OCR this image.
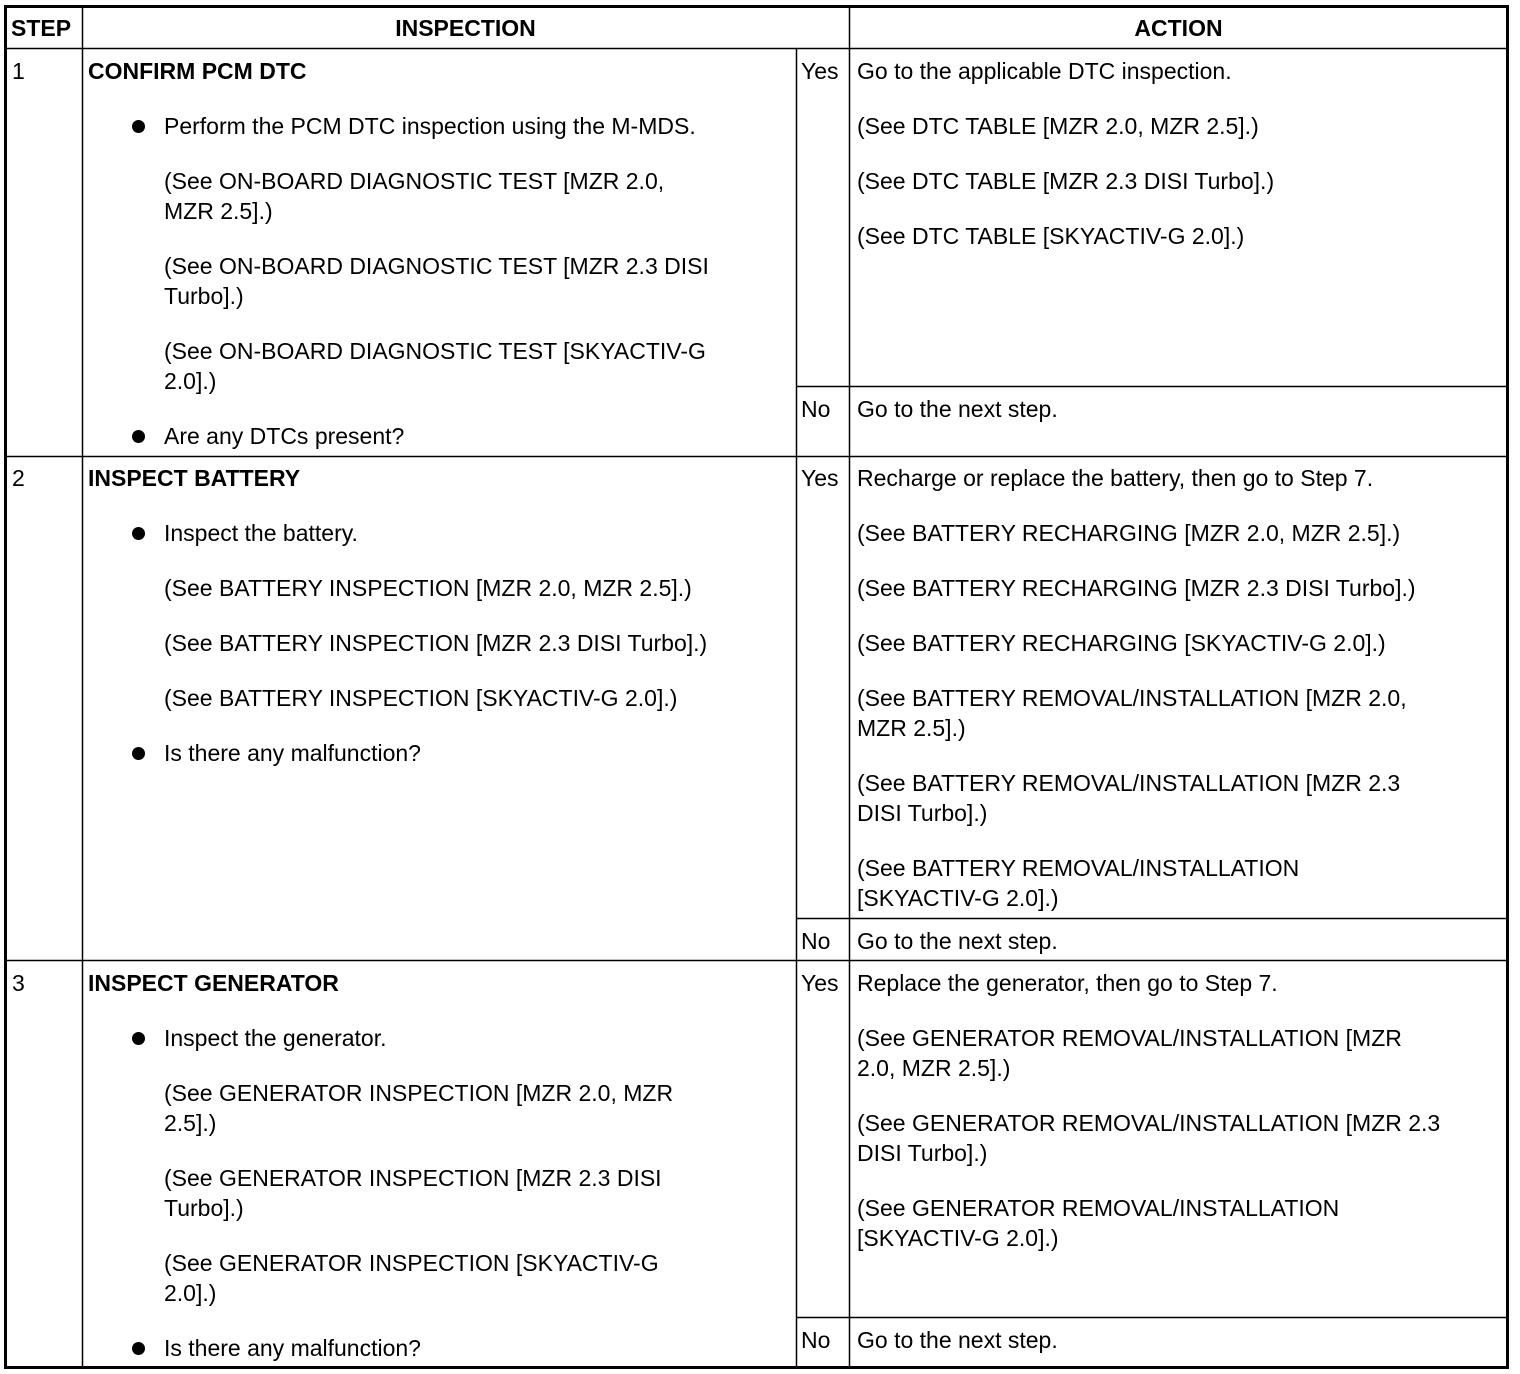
STEP	INSPECTION	ACTION
1	CONFIRM PCM DTC
Perform the PCM DTC inspection using the M-MDS.
(See ON-BOARD DIAGNOSTIC TEST [MZR 2.0,
MZR 2.5].)
(See ON-BOARD DIAGNOSTIC TEST [MZR 2.3 DISI
Turbo].)
(See ON-BOARD DIAGNOSTIC TEST [SKYACTIV-G
2.0].)
Are any DTCs present?
Yes Go to the applicable DTC inspection.
(See DTC TABLE [MZR 2.0, MZR 2.5].)
(See DTC TABLE [MZR 2.3 DISI Turbo].)
(See DTC TABLE [SKYACTIV-G 2.0].)
No Go to the next step.
2	INSPECT BATTERY
Inspect the battery.
(See BATTERY INSPECTION [MZR 2.0, MZR 2.5].)
(See BATTERY INSPECTION [MZR 2.3 DISI Turbo].)
(See BATTERY INSPECTION [SKYACTIV-G 2.0].)
Is there any malfunction?
Yes Recharge or replace the battery, then go to Step 7.
(See BATTERY RECHARGING [MZR 2.0, MZR 2.5].)
(See BATTERY RECHARGING [MZR 2.3 DISI Turbo].)
(See BATTERY RECHARGING [SKYACTIV-G 2.0].)
(See BATTERY REMOVAL/INSTALLATION [MZR 2.0,
MZR 2.5].)
(See BATTERY REMOVAL/INSTALLATION [MZR 2.3
DISI Turbo].)
(See BATTERY REMOVAL/INSTALLATION
[SKYACTIV-G 2.0].)
No Go to the next step.
3	INSPECT GENERATOR
Inspect the generator.
(See GENERATOR INSPECTION [MZR 2.0, MZR
2.5].)
(See GENERATOR INSPECTION [MZR 2.3 DISI
Turbo].)
(See GENERATOR INSPECTION [SKYACTIV-G
2.0].)
Is there any malfunction?
Yes Replace the generator, then go to Step 7.
(See GENERATOR REMOVAL/INSTALLATION [MZR
2.0, MZR 2.5].)
(See GENERATOR REMOVAL/INSTALLATION [MZR 2.3
DISI Turbo].)
(See GENERATOR REMOVAL/INSTALLATION
[SKYACTIV-G 2.0].)
No Go to the next step.
